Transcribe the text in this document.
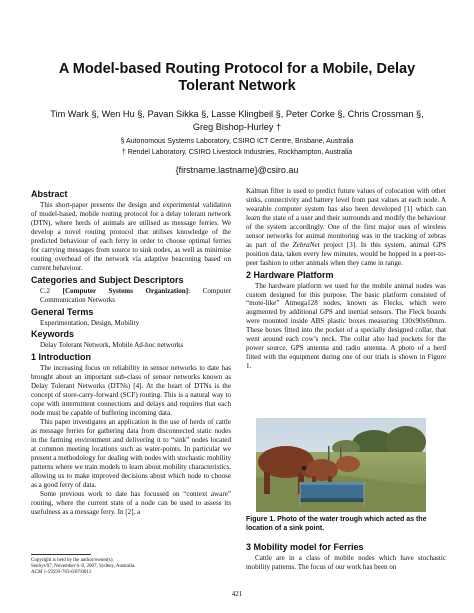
A Model-based Routing Protocol for a Mobile, Delay Tolerant Network
Tim Wark §, Wen Hu §, Pavan Sikka §, Lasse Klingbeil §, Peter Corke §, Chris Crossman §,
Greg Bishop-Hurley †
§ Autonomous Systems Laboratory, CSIRO ICT Centre, Brisbane, Australia
† Rendel Laboratory, CSIRO Livestock Industries, Rockhampton, Australia
{firstname.lastname}@csiro.au
Abstract

This short-paper presents the design and experimental validation of model-based, mobile routing protocol for a delay tolerant network (DTN), where herds of animals are utilised as message ferries. We develop a novel routing protocol that utilises knowledge of the predicted behaviour of each ferry in order to choose optimal ferries for carrying messages from source to sink nodes, as well as minimise routing overhead of the network via adaptive beaconing based on current behaviour.

Categories and Subject Descriptors

C.2 [Computer Systems Organization]: Computer Communication Networks

General Terms

Experimentation, Design, Mobility

Keywords

Delay Tolerant Network, Mobile Ad-hoc networks

1 Introduction

The increasing focus on reliability in sensor networks to date has brought about an important sub-class of sensor networks known as Delay Tolerant Networks (DTNs) [4]. At the heart of DTNs is the concept of store-carry-forward (SCF) routing. This is a natural way to cope with intermittent connections and delays and requires that each node must be capable of buffering incoming data.

This paper investigates an application in the use of herds of cattle as message ferries for gathering data from disconnected static nodes in the farming environment and delivering it to “sink” nodes located at common meeting locations such as water-points. In particular we present a methodology for dealing with nodes with stochastic mobility patterns where we train models to learn about mobility characteristics, allowing us to make improved decisions about which node to choose as a good ferry of data.

Some previous work to date has focussed on “context aware” routing, where the current state of a node can be used to assess its usefulness as a message ferry. In [2], a

Copyright is held by the author/owner(s).
SenSys'07, November 6–9, 2007, Sydney, Australia.
ACM 1-59593-763-6/07/0011

Kalman filter is used to predict future values of colocation with other sinks, connectivity and battery level from past values at each node. A wearable computer system has also been developed [1] which can learn the state of a user and their surrounds and modify the behaviour of the system accordingly. One of the first major uses of wireless sensor networks for animal monitoring was in the tracking of zebras as part of the ZebraNet project [3]. In this system, animal GPS position data, taken every few minutes, would be hopped in a peer-to-peer fashion to other animals when they came in range.

2 Hardware Platform

The hardware platform we used for the mobile animal nodes was custom designed for this purpose. The basic platform consisted of “mote-like” Atmega128 nodes, known as Flecks, which were augmented by additional GPS and inertial sensors. The Fleck boards were mounted inside ABS plastic boxes measuring 130x90x60mm. These boxes fitted into the pocket of a specially designed collar, that went around each cow’s neck. The collar also had pockets for the power source, GPS antenna and radio antenna. A photo of a herd fitted with the equipment during one of our trials is shown in Figure 1.

Figure 1. Photo of the water trough which acted as the location of a sink point.
3 Mobility model for Ferries

Cattle are in a class of mobile nodes which have stochastic mobility patterns. The focus of our work has been on

421
